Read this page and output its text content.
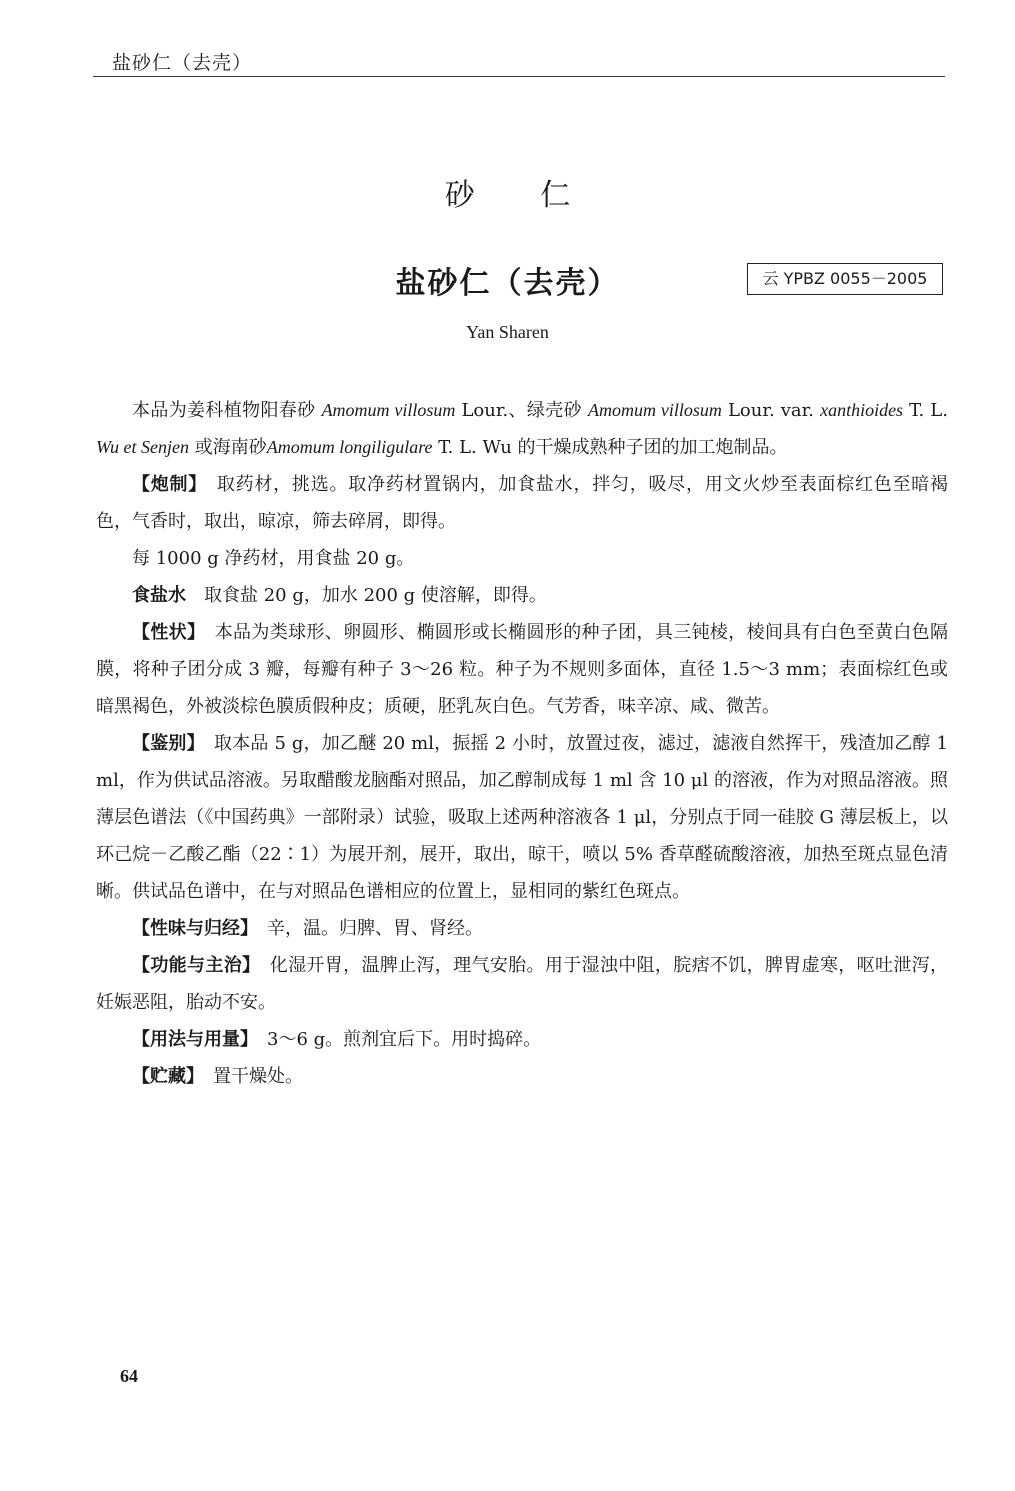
盐砂仁（去壳）
砂 仁
盐砂仁（去壳）	云 YPBZ 0055－2005
Yan Sharen

本品为姜科植物阳春砂 Amomum villosum Lour.、绿壳砂 Amomum villosum Lour. var. xanthioides T. L. Wu et Senjen 或海南砂Amomum longiligulare T. L. Wu 的干燥成熟种子团的加工炮制品。

【炮制】　 取药材，挑选。取净药材置锅内，加食盐水，拌匀，吸尽，用文火炒至表面棕红色至暗褐色，气香时，取出，晾凉，筛去碎屑，即得。

每 1000 g 净药材，用食盐 20 g。

食盐水　 取食盐 20 g，加水 200 g 使溶解，即得。

【性状】　 本品为类球形、卵圆形、椭圆形或长椭圆形的种子团，具三钝棱，棱间具有白色至黄白色隔膜，将种子团分成 3 瓣，每瓣有种子 3～26 粒。种子为不规则多面体，直径 1.5～3 mm；表面棕红色或暗黑褐色，外被淡棕色膜质假种皮；质硬，胚乳灰白色。气芳香，味辛凉、咸、微苦。

【鉴别】　 取本品 5 g，加乙醚 20 ml，振摇 2 小时，放置过夜，滤过，滤液自然挥干，残渣加乙醇 1 ml，作为供试品溶液。另取醋酸龙脑酯对照品，加乙醇制成每 1 ml 含 10 μl 的溶液，作为对照品溶液。照薄层色谱法（《中国药典》一部附录）试验，吸取上述两种溶液各 1 μl，分别点于同一硅胶 G 薄层板上，以环己烷－乙酸乙酯（22∶1）为展开剂，展开，取出，晾干，喷以 5% 香草醛硫酸溶液，加热至斑点显色清晰。供试品色谱中，在与对照品色谱相应的位置上，显相同的紫红色斑点。

【性味与归经】　 辛，温。归脾、胃、肾经。

【功能与主治】　 化湿开胃，温脾止泻，理气安胎。用于湿浊中阻，脘痞不饥，脾胃虚寒，呕吐泄泻，妊娠恶阻，胎动不安。

【用法与用量】　 3～6 g。煎剂宜后下。用时捣碎。

【贮藏】　 置干燥处。

64
